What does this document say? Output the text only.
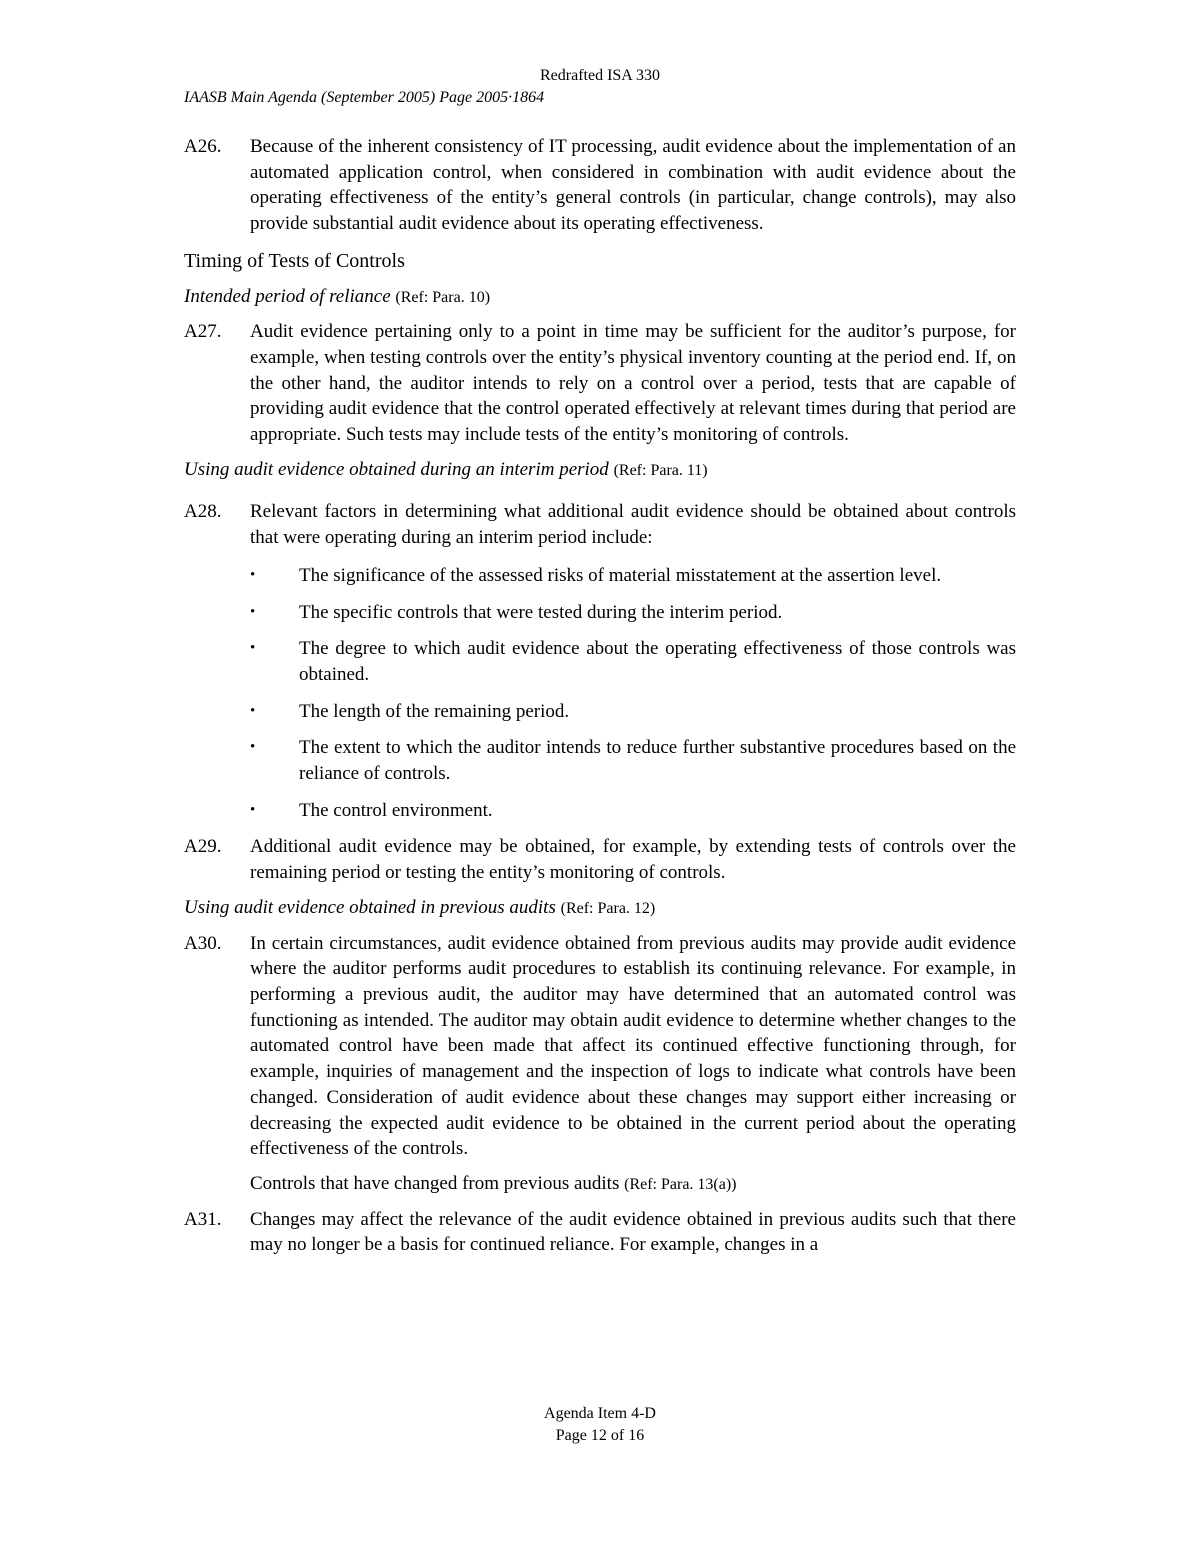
Redrafted ISA 330
IAASB Main Agenda (September 2005) Page 2005·1864
A26. Because of the inherent consistency of IT processing, audit evidence about the implementation of an automated application control, when considered in combination with audit evidence about the operating effectiveness of the entity’s general controls (in particular, change controls), may also provide substantial audit evidence about its operating effectiveness.
Timing of Tests of Controls
Intended period of reliance (Ref: Para. 10)
A27. Audit evidence pertaining only to a point in time may be sufficient for the auditor’s purpose, for example, when testing controls over the entity’s physical inventory counting at the period end. If, on the other hand, the auditor intends to rely on a control over a period, tests that are capable of providing audit evidence that the control operated effectively at relevant times during that period are appropriate. Such tests may include tests of the entity’s monitoring of controls.
Using audit evidence obtained during an interim period (Ref: Para. 11)
A28. Relevant factors in determining what additional audit evidence should be obtained about controls that were operating during an interim period include:
• The significance of the assessed risks of material misstatement at the assertion level.
• The specific controls that were tested during the interim period.
• The degree to which audit evidence about the operating effectiveness of those controls was obtained.
• The length of the remaining period.
• The extent to which the auditor intends to reduce further substantive procedures based on the reliance of controls.
• The control environment.
A29. Additional audit evidence may be obtained, for example, by extending tests of controls over the remaining period or testing the entity’s monitoring of controls.
Using audit evidence obtained in previous audits (Ref: Para. 12)
A30. In certain circumstances, audit evidence obtained from previous audits may provide audit evidence where the auditor performs audit procedures to establish its continuing relevance. For example, in performing a previous audit, the auditor may have determined that an automated control was functioning as intended. The auditor may obtain audit evidence to determine whether changes to the automated control have been made that affect its continued effective functioning through, for example, inquiries of management and the inspection of logs to indicate what controls have been changed. Consideration of audit evidence about these changes may support either increasing or decreasing the expected audit evidence to be obtained in the current period about the operating effectiveness of the controls.
Controls that have changed from previous audits (Ref: Para. 13(a))
A31. Changes may affect the relevance of the audit evidence obtained in previous audits such that there may no longer be a basis for continued reliance. For example, changes in a
Agenda Item 4-D
Page 12 of 16
